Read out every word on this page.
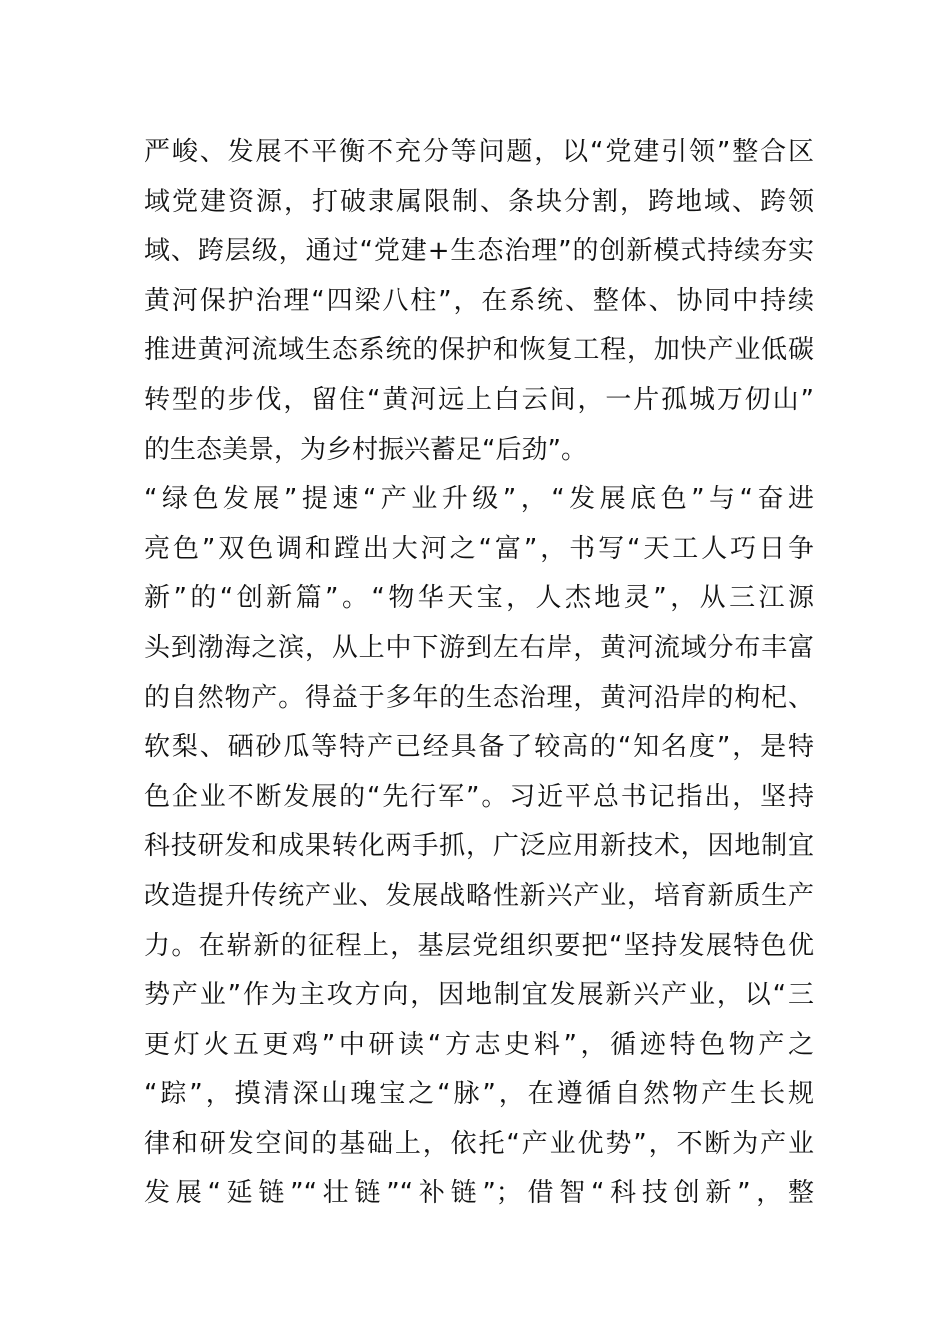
严峻、发展不平衡不充分等问题，以“党建引领”整合区
域党建资源，打破隶属限制、条块分割，跨地域、跨领
域、跨层级，通过“党建+生态治理”的创新模式持续夯实
黄河保护治理“四梁八柱”，在系统、整体、协同中持续
推进黄河流域生态系统的保护和恢复工程，加快产业低碳
转型的步伐，留住“黄河远上白云间，一片孤城万仞山”
的生态美景，为乡村振兴蓄足“后劲”。
“绿色发展”提速“产业升级”，“发展底色”与“奋进
亮色”双色调和蹚出大河之“富”，书写“天工人巧日争
新”的“创新篇”。“物华天宝，人杰地灵”，从三江源
头到渤海之滨，从上中下游到左右岸，黄河流域分布丰富
的自然物产。得益于多年的生态治理，黄河沿岸的枸杞、
软梨、硒砂瓜等特产已经具备了较高的“知名度”，是特
色企业不断发展的“先行军”。习近平总书记指出，坚持
科技研发和成果转化两手抓，广泛应用新技术，因地制宜
改造提升传统产业、发展战略性新兴产业，培育新质生产
力。在崭新的征程上，基层党组织要把“坚持发展特色优
势产业”作为主攻方向，因地制宜发展新兴产业，以“三
更灯火五更鸡”中研读“方志史料”，循迹特色物产之
“踪”，摸清深山瑰宝之“脉”，在遵循自然物产生长规
律和研发空间的基础上，依托“产业优势”，不断为产业
发展“延链”“壮链”“补链”；借智“科技创新”，整
